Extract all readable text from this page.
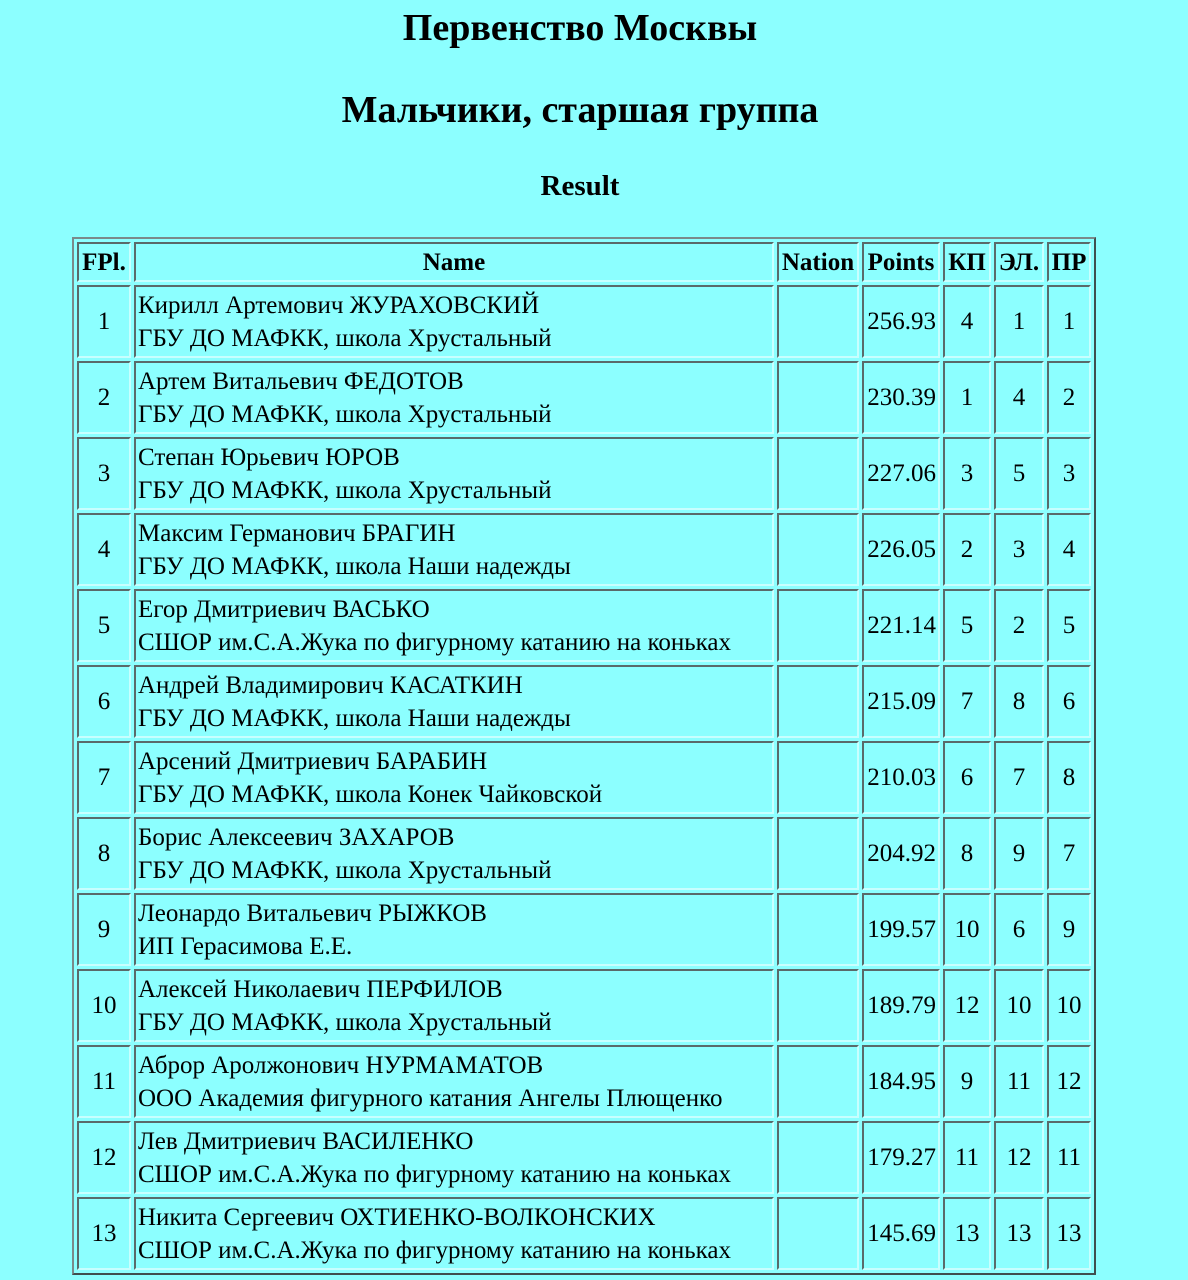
Первенство Москвы
Мальчики, старшая группа
Result
FPl.	Name	Nation	Points	КП	ЭЛ.	ПР
1	Кирилл Артемович ЖУРАХОВСКИЙ
ГБУ ДО МАФКК, школа Хрустальный		256.93	4	1	1
2	Артем Витальевич ФЕДОТОВ
ГБУ ДО МАФКК, школа Хрустальный		230.39	1	4	2
3	Степан Юрьевич ЮРОВ
ГБУ ДО МАФКК, школа Хрустальный		227.06	3	5	3
4	Максим Германович БРАГИН
ГБУ ДО МАФКК, школа Наши надежды		226.05	2	3	4
5	Егор Дмитриевич ВАСЬКО
СШОР им.С.А.Жука по фигурному катанию на коньках		221.14	5	2	5
6	Андрей Владимирович КАСАТКИН
ГБУ ДО МАФКК, школа Наши надежды		215.09	7	8	6
7	Арсений Дмитриевич БАРАБИН
ГБУ ДО МАФКК, школа Конек Чайковской		210.03	6	7	8
8	Борис Алексеевич ЗАХАРОВ
ГБУ ДО МАФКК, школа Хрустальный		204.92	8	9	7
9	Леонардо Витальевич РЫЖКОВ
ИП Герасимова Е.Е.		199.57	10	6	9
10	Алексей Николаевич ПЕРФИЛОВ
ГБУ ДО МАФКК, школа Хрустальный		189.79	12	10	10
11	Аброр Аролжонович НУРМАМАТОВ
ООО Академия фигурного катания Ангелы Плющенко		184.95	9	11	12
12	Лев Дмитриевич ВАСИЛЕНКО
СШОР им.С.А.Жука по фигурному катанию на коньках		179.27	11	12	11
13	Никита Сергеевич ОХТИЕНКО-ВОЛКОНСКИХ
СШОР им.С.А.Жука по фигурному катанию на коньках		145.69	13	13	13
